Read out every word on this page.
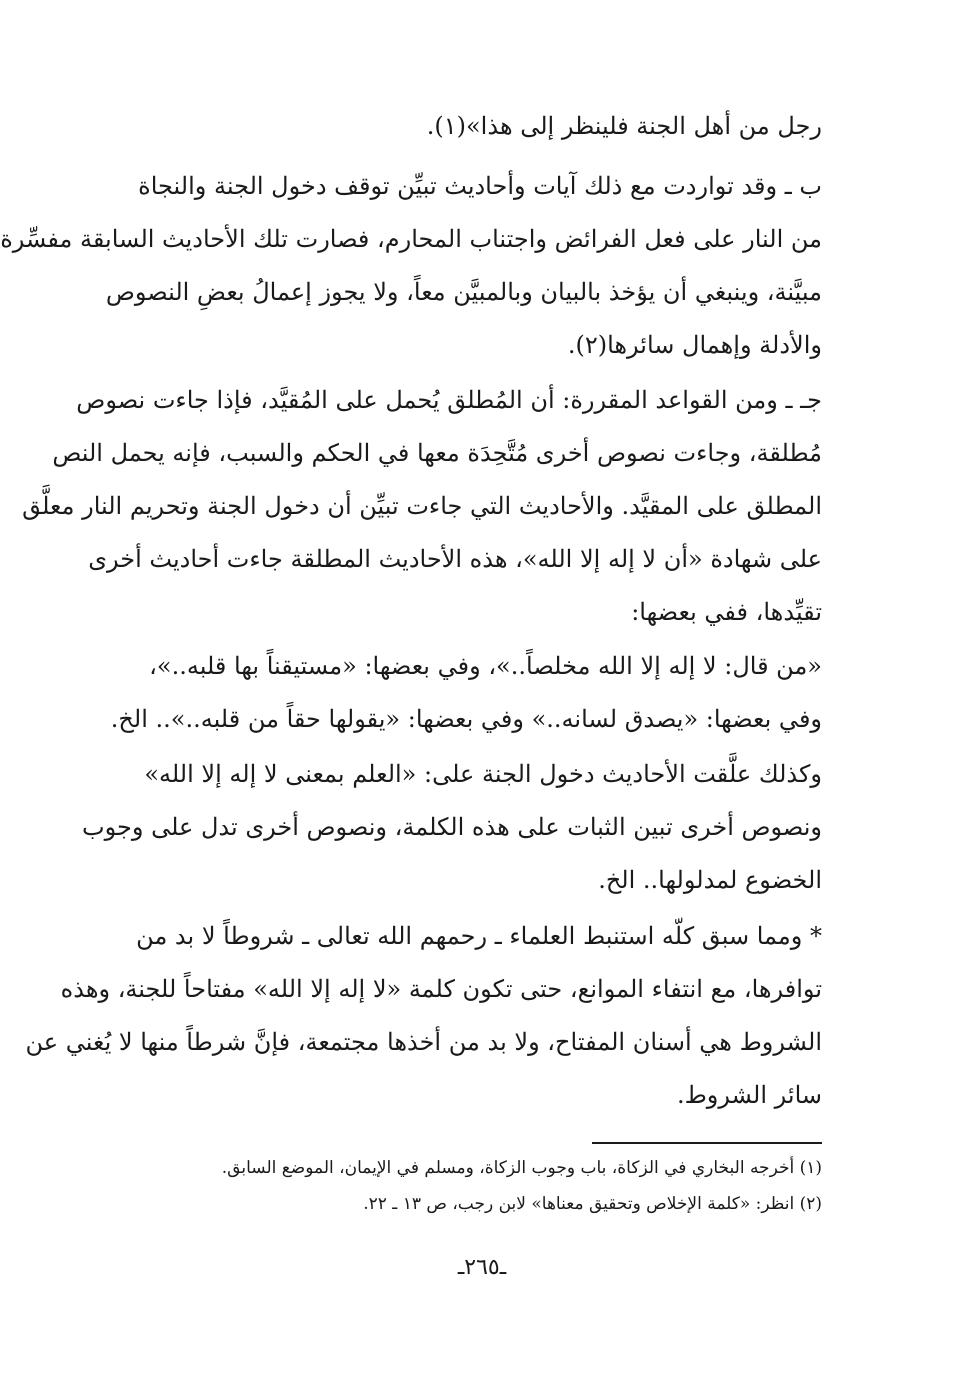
رجل من أهل الجنة فلينظر إلى هذا»(١).
ب ـ وقد تواردت مع ذلك آيات وأحاديث تبيِّن توقف دخول الجنة والنجاة
من النار على فعل الفرائض واجتناب المحارم، فصارت تلك الأحاديث السابقة مفسِّرة
مبيَّنة، وينبغي أن يؤخذ بالبيان وبالمبيَّن معاً، ولا يجوز إعمالُ بعضِ النصوص
والأدلة وإهمال سائرها(٢).
جـ ـ ومن القواعد المقررة: أن المُطلق يُحمل على المُقيَّد، فإذا جاءت نصوص
مُطلقة، وجاءت نصوص أخرى مُتَّحِدَة معها في الحكم والسبب، فإنه يحمل النص
المطلق على المقيَّد. والأحاديث التي جاءت تبيِّن أن دخول الجنة وتحريم النار معلَّق
على شهادة «أن لا إله إلا الله»، هذه الأحاديث المطلقة جاءت أحاديث أخرى
تقيِّدها، ففي بعضها:
«من قال: لا إله إلا الله مخلصاً..»، وفي بعضها: «مستيقناً بها قلبه..»،
وفي بعضها: «يصدق لسانه..» وفي بعضها: «يقولها حقاً من قلبه..».. الخ.
وكذلك علَّقت الأحاديث دخول الجنة على: «العلم بمعنى لا إله إلا الله»
ونصوص أخرى تبين الثبات على هذه الكلمة، ونصوص أخرى تدل على وجوب
الخضوع لمدلولها.. الخ.
* ومما سبق كلّه استنبط العلماء ـ رحمهم الله تعالى ـ شروطاً لا بد من
توافرها، مع انتفاء الموانع، حتى تكون كلمة «لا إله إلا الله» مفتاحاً للجنة، وهذه
الشروط هي أسنان المفتاح، ولا بد من أخذها مجتمعة، فإنَّ شرطاً منها لا يُغني عن
سائر الشروط.
(١) أخرجه البخاري في الزكاة، باب وجوب الزكاة، ومسلم في الإيمان، الموضع السابق.
(٢) انظر: «كلمة الإخلاص وتحقيق معناها» لابن رجب، ص ١٣ ـ ٢٢.
ـ٢٦٥ـ
